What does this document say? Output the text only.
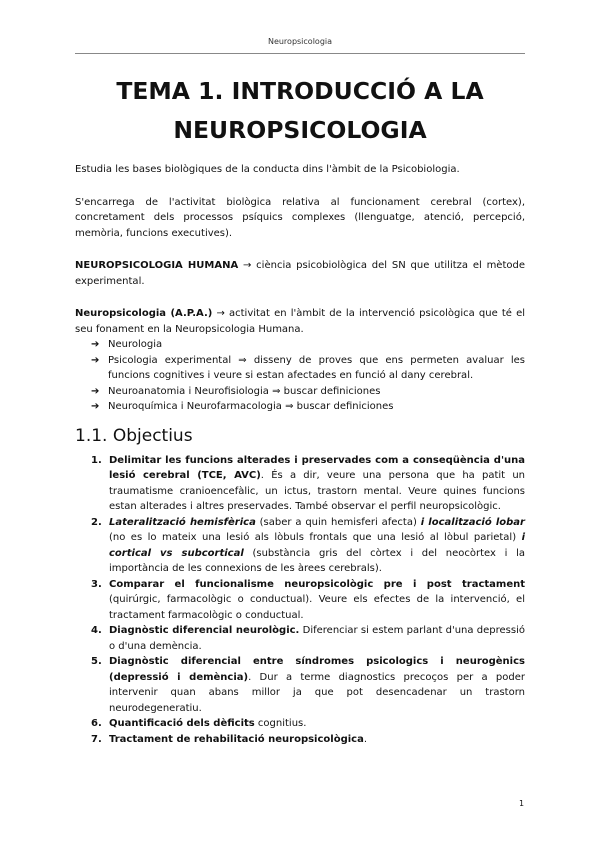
Neuropsicologia
TEMA 1. INTRODUCCIÓ A LA
NEUROPSICOLOGIA

Estudia les bases biològiques de la conducta dins l'àmbit de la Psicobiologia.

S'encarrega de l'activitat biològica relativa al funcionament cerebral (cortex), concretament dels processos psíquics complexes (llenguatge, atenció, percepció, memòria, funcions executives).

NEUROPSICOLOGIA HUMANA → ciència psicobiològica del SN que utilitza el mètode experimental.

Neuropsicologia (A.P.A.) → activitat en l'àmbit de la intervenció psicològica que té el seu fonament en la Neuropsicologia Humana.

➔ Neurologia
➔ Psicologia experimental ⇒ disseny de proves que ens permeten avaluar les funcions cognitives i veure si estan afectades en funció al dany cerebral.
➔ Neuroanatomia i Neurofisiologia ⇒ buscar definiciones
➔ Neuroquímica i Neurofarmacologia ⇒ buscar definiciones
1.1. Objectius
1. Delimitar les funcions alterades i preservades com a conseqüència d'una lesió cerebral (TCE, AVC). És a dir, veure una persona que ha patit un traumatisme cranioencefàlic, un ictus, trastorn mental. Veure quines funcions estan alterades i altres preservades. També observar el perfil neuropsicològic.
2. Lateralització hemisfèrica (saber a quin hemisferi afecta) i localització lobar (no es lo mateix una lesió als lòbuls frontals que una lesió al lòbul parietal) i cortical vs subcortical (substància gris del còrtex i del neocòrtex i la importància de les connexions de les àrees cerebrals).
3. Comparar el funcionalisme neuropsicològic pre i post tractament (quirúrgic, farmacològic o conductual). Veure els efectes de la intervenció, el tractament farmacològic o conductual.
4. Diagnòstic diferencial neurològic. Diferenciar si estem parlant d'una depressió o d'una demència.
5. Diagnòstic diferencial entre síndromes psicologics i neurogènics (depressió i demència). Dur a terme diagnostics precoços per a poder intervenir quan abans millor ja que pot desencadenar un trastorn neurodegeneratiu.
6. Quantificació dels dèficits cognitius.
7. Tractament de rehabilitació neuropsicològica.
1
